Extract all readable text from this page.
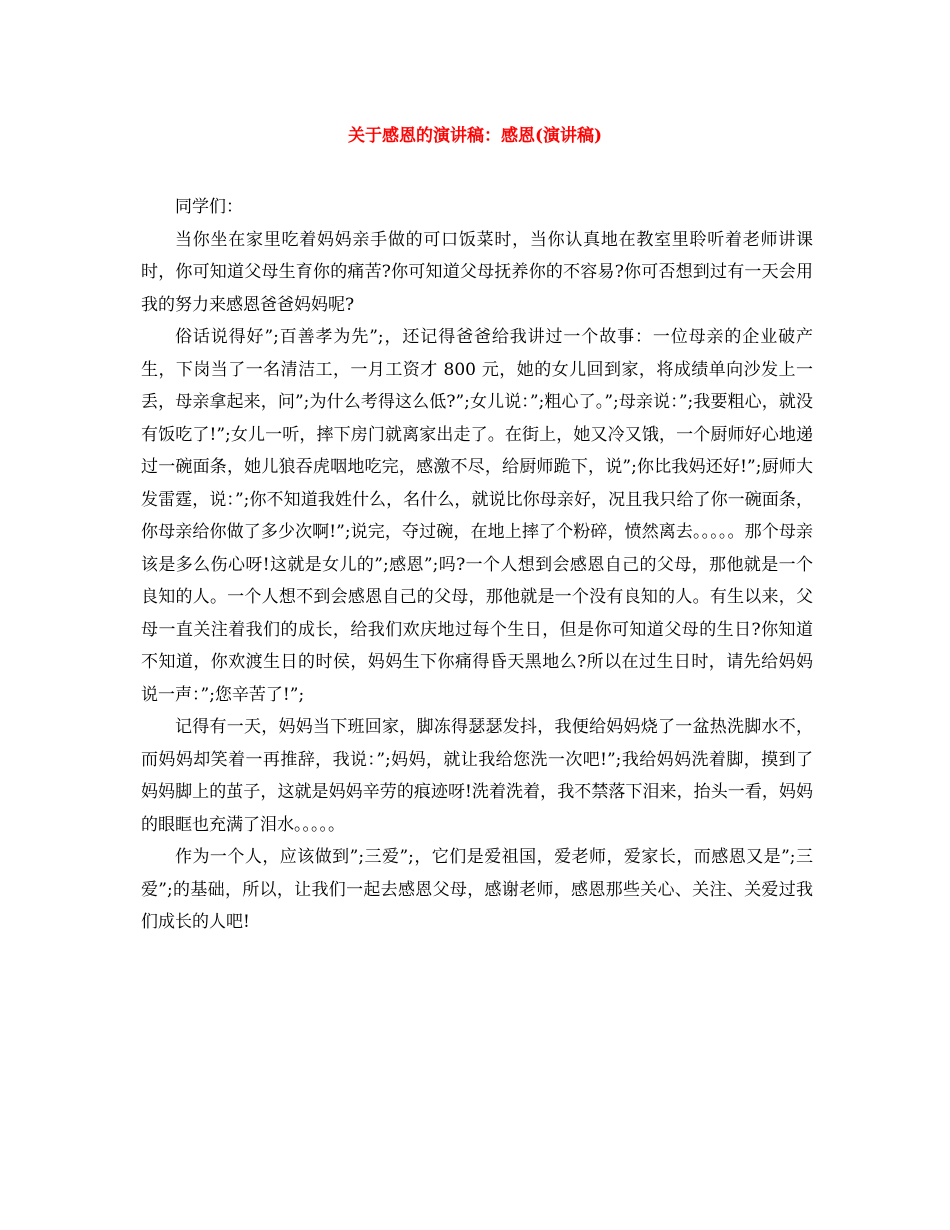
关于感恩的演讲稿：感恩(演讲稿)

同学们：

当你坐在家里吃着妈妈亲手做的可口饭菜时，当你认真地在教室里聆听着老师讲课时，你可知道父母生育你的痛苦?你可知道父母抚养你的不容易?你可否想到过有一天会用我的努力来感恩爸爸妈妈呢?

俗话说得好”;百善孝为先”;，还记得爸爸给我讲过一个故事：一位母亲的企业破产生，下岗当了一名清洁工，一月工资才 800 元，她的女儿回到家，将成绩单向沙发上一丢，母亲拿起来，问”;为什么考得这么低?”;女儿说：”;粗心了。”;母亲说：”;我要粗心，就没有饭吃了!”;女儿一听，摔下房门就离家出走了。在街上，她又冷又饿，一个厨师好心地递过一碗面条，她儿狼吞虎咽地吃完，感激不尽，给厨师跪下，说”;你比我妈还好!”;厨师大发雷霆，说：”;你不知道我姓什么，名什么，就说比你母亲好，况且我只给了你一碗面条，你母亲给你做了多少次啊!”;说完，夺过碗，在地上摔了个粉碎，愤然离去。。。。。那个母亲该是多么伤心呀!这就是女儿的”;感恩”;吗?一个人想到会感恩自己的父母，那他就是一个良知的人。一个人想不到会感恩自己的父母，那他就是一个没有良知的人。有生以来，父母一直关注着我们的成长，给我们欢庆地过每个生日，但是你可知道父母的生日?你知道不知道，你欢渡生日的时侯，妈妈生下你痛得昏天黑地么?所以在过生日时，请先给妈妈说一声：”;您辛苦了!”;

记得有一天，妈妈当下班回家，脚冻得瑟瑟发抖，我便给妈妈烧了一盆热洗脚水不，而妈妈却笑着一再推辞，我说：”;妈妈，就让我给您洗一次吧!”;我给妈妈洗着脚，摸到了妈妈脚上的茧子，这就是妈妈辛劳的痕迹呀!洗着洗着，我不禁落下泪来，抬头一看，妈妈的眼眶也充满了泪水。。。。。

作为一个人，应该做到”;三爱”;，它们是爱祖国，爱老师，爱家长，而感恩又是”;三爱”;的基础，所以，让我们一起去感恩父母，感谢老师，感恩那些关心、关注、关爱过我们成长的人吧!
